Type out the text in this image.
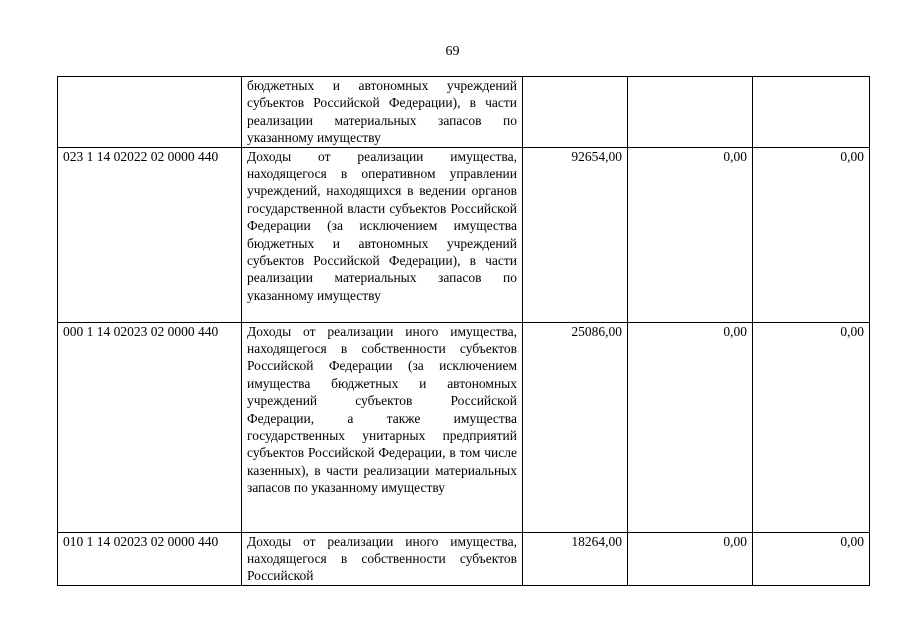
69
	бюджетных и автономных учреждений субъектов Российской Федерации), в части реализации материальных запасов по указанному имуществу			
023 1 14 02022 02 0000 440	Доходы от реализации имущества, находящегося в оперативном управлении учреждений, находящихся в ведении органов государственной власти субъектов Российской Федерации (за исключением имущества бюджетных и автономных учреждений субъектов Российской Федерации), в части реализации материальных запасов по указанному имуществу	92654,00	0,00	0,00
000 1 14 02023 02 0000 440	Доходы от реализации иного имущества, находящегося в собственности субъектов Российской Федерации (за исключением имущества бюджетных и автономных учреждений субъектов Российской Федерации, а также имущества государственных унитарных предприятий субъектов Российской Федерации, в том числе казенных), в части реализации материальных запасов по указанному имуществу	25086,00	0,00	0,00
010 1 14 02023 02 0000 440	Доходы от реализации иного имущества, находящегося в собственности субъектов Российской	18264,00	0,00	0,00
